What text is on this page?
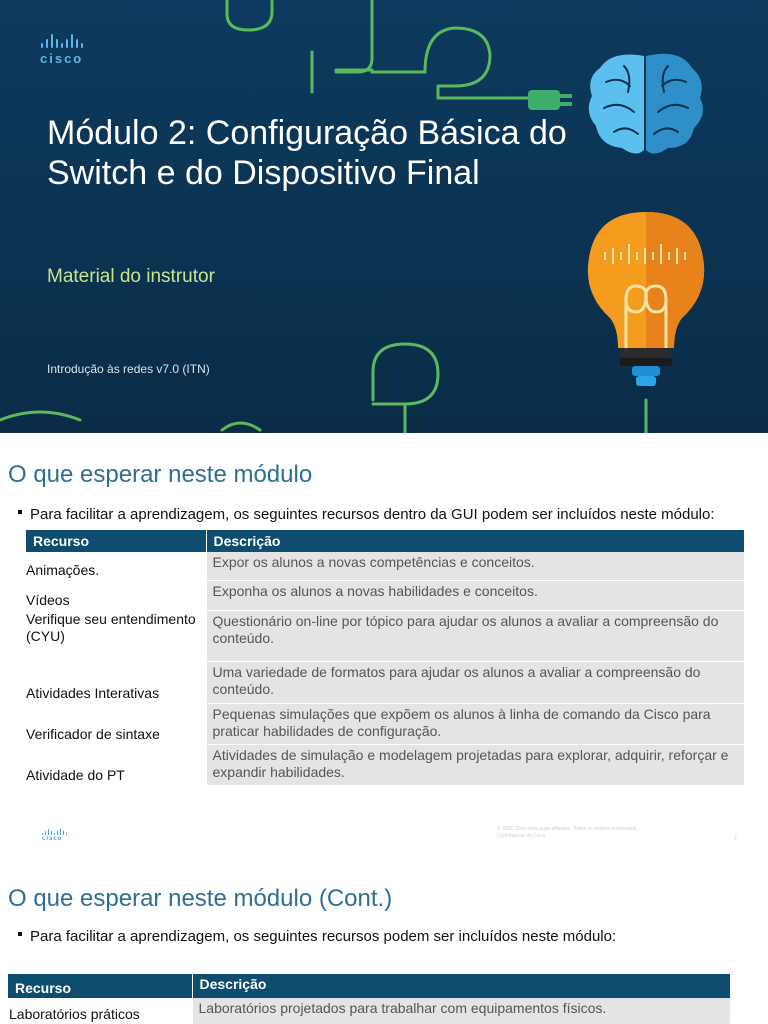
cisco
Módulo 2: Configuração Básica do Switch e do Dispositivo Final
Material do instrutor
Introdução às redes v7.0 (ITN)
O que esperar neste módulo
Para facilitar a aprendizagem, os seguintes recursos dentro da GUI podem ser incluídos neste módulo:
Recurso	Descrição
Animações.	Expor os alunos a novas competências e conceitos.
Vídeos	Exponha os alunos a novas habilidades e conceitos.
Verifique seu entendimento (CYU)	Questionário on-line por tópico para ajudar os alunos a avaliar a compreensão do conteúdo.
Atividades Interativas	Uma variedade de formatos para ajudar os alunos a avaliar a compreensão do conteúdo.
Verificador de sintaxe	Pequenas simulações que expõem os alunos à linha de comando da Cisco para praticar habilidades de configuração.
Atividade do PT	Atividades de simulação e modelagem projetadas para explorar, adquirir, reforçar e expandir habilidades.
cisco
© 2016 Cisco e/ou suas afiliadas. Todos os direitos reservados.
Confidencial da Cisco	2
O que esperar neste módulo (Cont.)
Para facilitar a aprendizagem, os seguintes recursos podem ser incluídos neste módulo:
Recurso	Descrição
Laboratórios práticos	Laboratórios projetados para trabalhar com equipamentos físicos.
